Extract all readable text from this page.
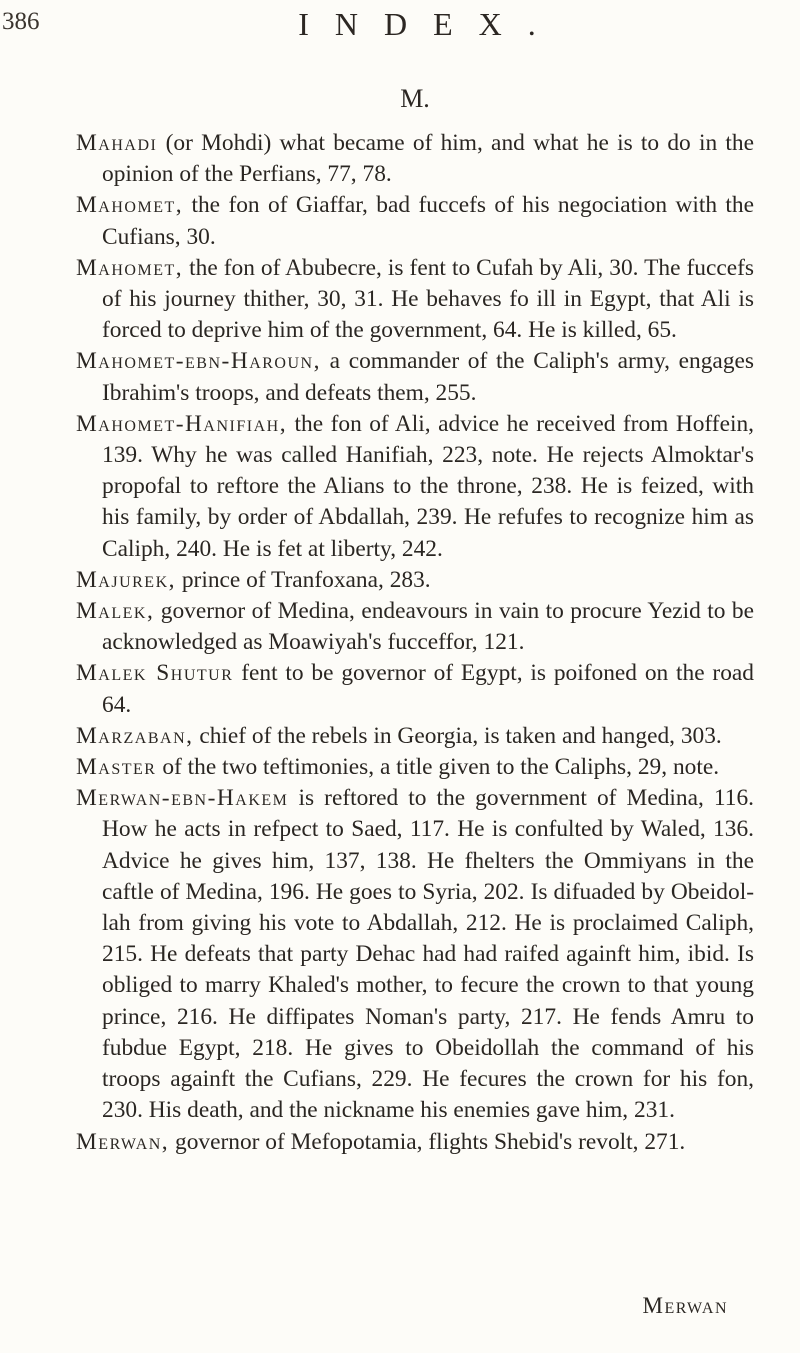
386	INDEX.
M.

Mahadi (or Mohdi) what became of him, and what he is to do in the opinion of the Perfians, 77, 78.

Mahomet, the fon of Giaffar, bad fuccefs of his negociation with the Cufians, 30.

Mahomet, the fon of Abubecre, is fent to Cufah by Ali, 30. The fuccefs of his journey thither, 30, 31. He behaves fo ill in Egypt, that Ali is forced to deprive him of the government, 64. He is killed, 65.

Mahomet-ebn-Haroun, a commander of the Caliph's army, engages Ibrahim's troops, and defeats them, 255.

Mahomet-Hanifiah, the fon of Ali, advice he received from Hoffein, 139. Why he was called Hanifiah, 223, note. He rejects Almoktar's propofal to reftore the Alians to the throne, 238. He is feized, with his family, by order of Abdallah, 239. He refufes to recognize him as Caliph, 240. He is fet at liberty, 242.

Majurek, prince of Tranfoxana, 283.

Malek, governor of Medina, endeavours in vain to procure Yezid to be acknowledged as Moawiyah's fucceffor, 121.

Malek Shutur fent to be governor of Egypt, is poifoned on the road 64.

Marzaban, chief of the rebels in Georgia, is taken and hanged, 303.

Master of the two teftimonies, a title given to the Caliphs, 29, note.

Merwan-ebn-Hakem is reftored to the government of Medina, 116. How he acts in refpect to Saed, 117. He is confulted by Waled, 136. Advice he gives him, 137, 138. He fhelters the Ommiyans in the caftle of Medina, 196. He goes to Syria, 202. Is difuaded by Obeidollah from giving his vote to Abdallah, 212. He is proclaimed Caliph, 215. He defeats that party Dehac had had raifed againft him, ibid. Is obliged to marry Khaled's mother, to fecure the crown to that young prince, 216. He diffipates Noman's party, 217. He fends Amru to fubdue Egypt, 218. He gives to Obeidollah the command of his troops againft the Cufians, 229. He fecures the crown for his fon, 230. His death, and the nickname his enemies gave him, 231.

Merwan, governor of Mefopotamia, flights Shebid's revolt, 271.

Merwan
